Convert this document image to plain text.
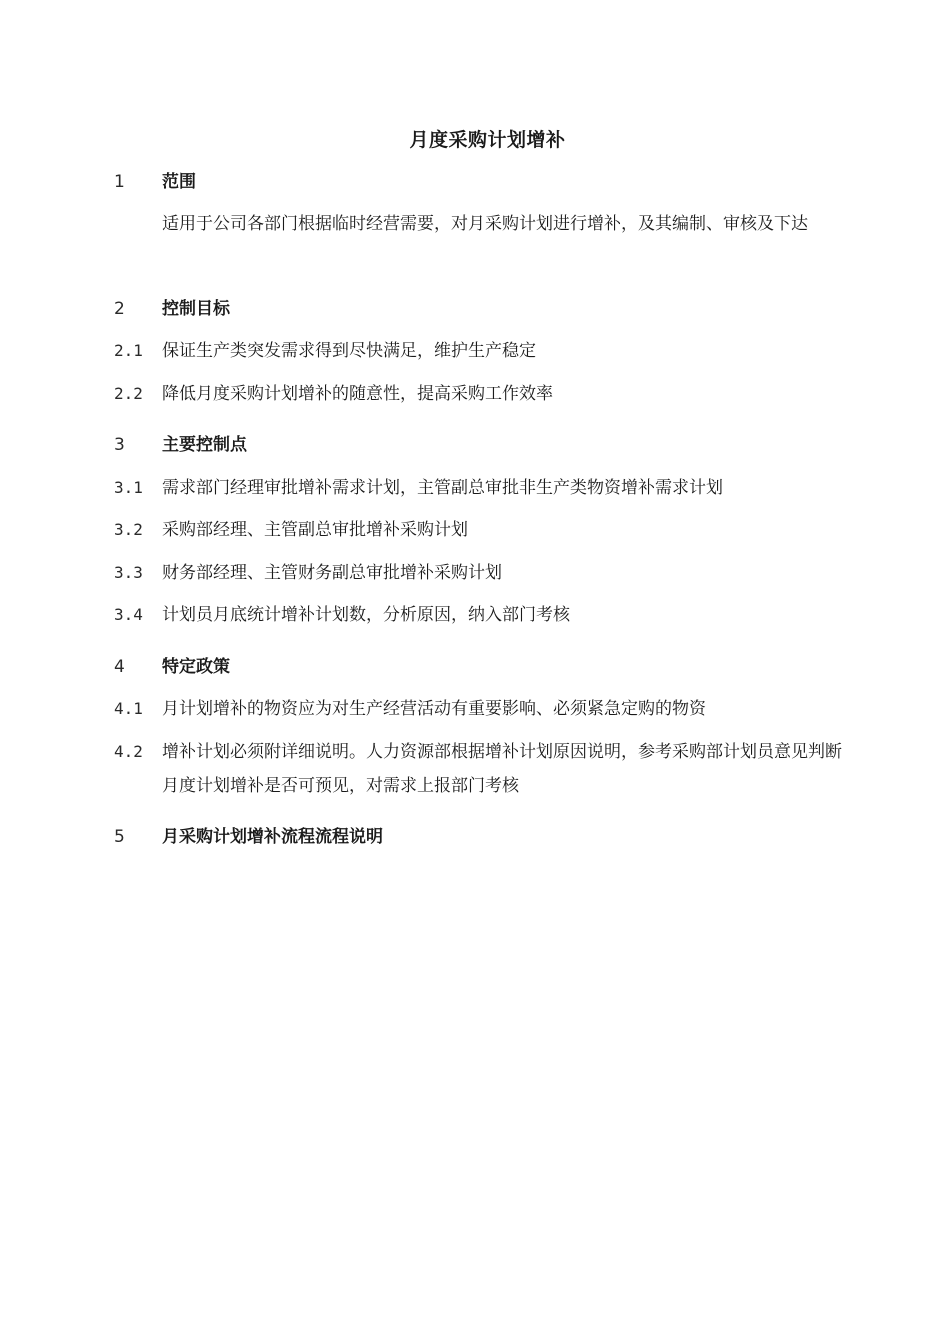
月度采购计划增补
1 范围
适用于公司各部门根据临时经营需要，对月采购计划进行增补，及其编制、审核及下达
2 控制目标
2.1 保证生产类突发需求得到尽快满足，维护生产稳定
2.2 降低月度采购计划增补的随意性，提高采购工作效率
3 主要控制点
3.1 需求部门经理审批增补需求计划，主管副总审批非生产类物资增补需求计划
3.2 采购部经理、主管副总审批增补采购计划
3.3 财务部经理、主管财务副总审批增补采购计划
3.4 计划员月底统计增补计划数，分析原因，纳入部门考核
4 特定政策
4.1 月计划增补的物资应为对生产经营活动有重要影响、必须紧急定购的物资
4.2 增补计划必须附详细说明。人力资源部根据增补计划原因说明，参考采购部计划员意见判断月度计划增补是否可预见，对需求上报部门考核
5 月采购计划增补流程流程说明
